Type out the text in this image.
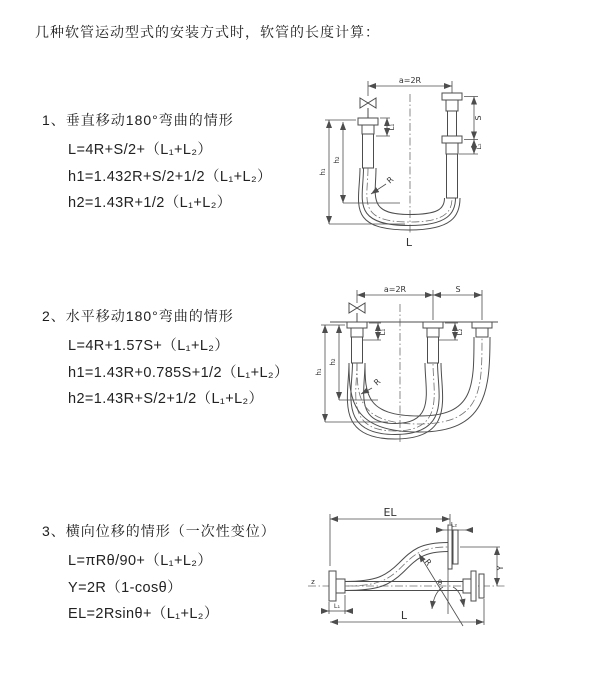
几种软管运动型式的安装方式时，软管的长度计算：
1、垂直移动180°弯曲的情形
L=4R+S/2+（L₁+L₂）
h1=1.432R+S/2+1/2（L₁+L₂）
h2=1.43R+1/2（L₁+L₂）
a=2R
L₁
S
L₂
h₁
h₂
R
L
2、水平移动180°弯曲的情形
L=4R+1.57S+（L₁+L₂）
h1=1.43R+0.785S+1/2（L₁+L₂）
h2=1.43R+S/2+1/2（L₁+L₂）
a=2R	S
L₁	L₂
h₁
h₂
R
3、横向位移的情形（一次性变位）
L=πRθ/90+（L₁+L₂）
Y=2R（1-cosθ）
EL=2Rsinθ+（L₁+L₂）
z
EL
L₂
Y
θ
R
L₁
L
